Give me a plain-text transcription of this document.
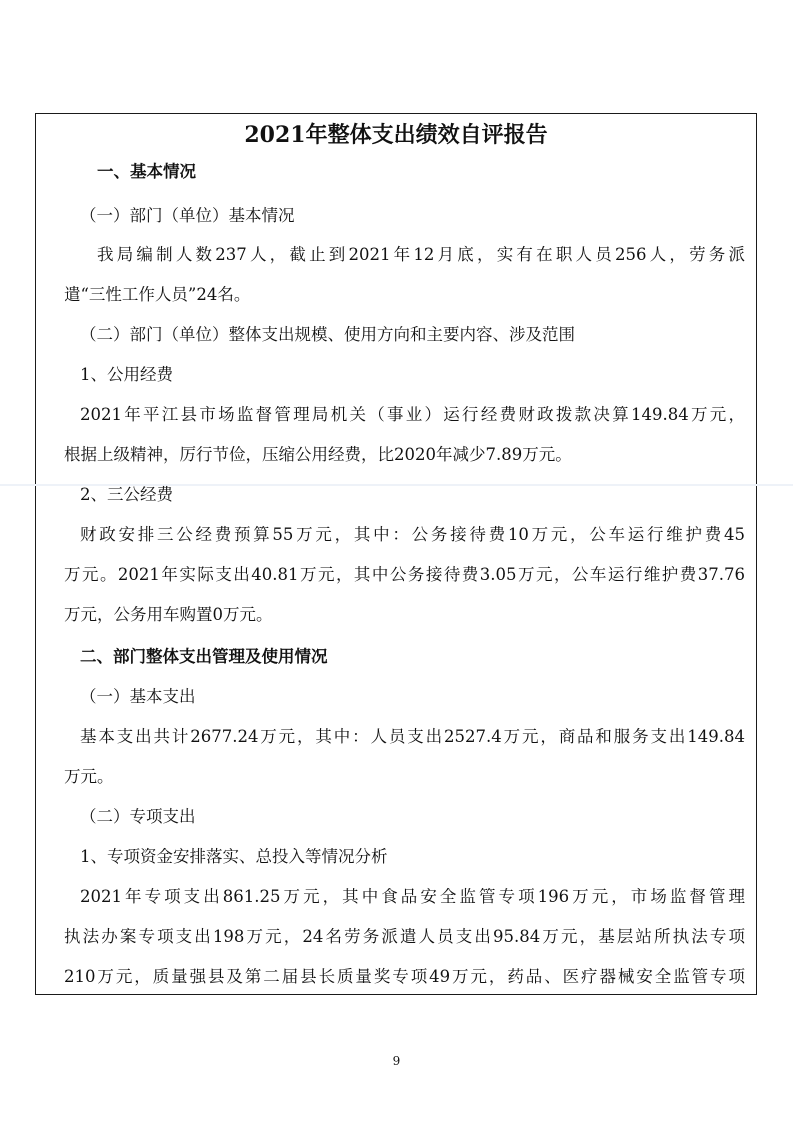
2021年整体支出绩效自评报告
一、基本情况
（一）部门（单位）基本情况
我局编制人数237人，截止到2021年12月底，实有在职人员256人，劳务派
遣“三性工作人员”24名。
（二）部门（单位）整体支出规模、使用方向和主要内容、涉及范围
1、公用经费
2021年平江县市场监督管理局机关（事业）运行经费财政拨款决算149.84万元，
根据上级精神，厉行节俭，压缩公用经费，比2020年减少7.89万元。
2、三公经费
财政安排三公经费预算55万元，其中：公务接待费10万元，公车运行维护费45
万元。2021年实际支出40.81万元，其中公务接待费3.05万元，公车运行维护费37.76
万元，公务用车购置0万元。
二、部门整体支出管理及使用情况
（一）基本支出
基本支出共计2677.24万元，其中：人员支出2527.4万元，商品和服务支出149.84
万元。
（二）专项支出
1、专项资金安排落实、总投入等情况分析
2021年专项支出861.25万元，其中食品安全监管专项196万元，市场监督管理
执法办案专项支出198万元，24名劳务派遣人员支出95.84万元，基层站所执法专项
210万元，质量强县及第二届县长质量奖专项49万元，药品、医疗器械安全监管专项
9
